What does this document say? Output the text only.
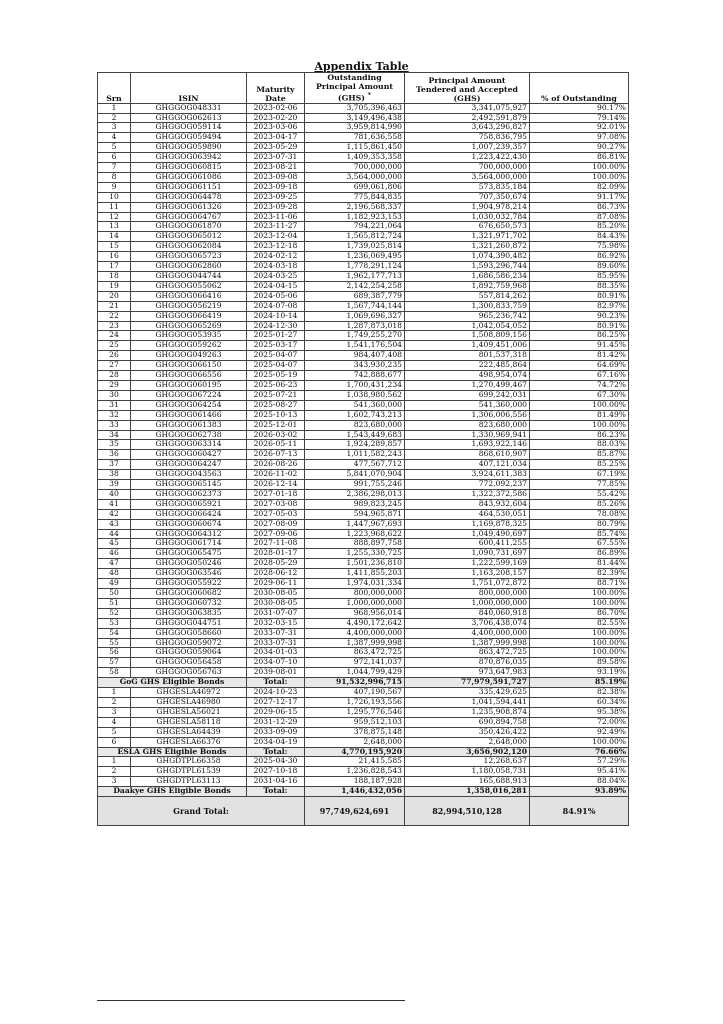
Appendix Table
Srn	ISIN	Maturity Date	Outstanding Principal Amount (GHS) *	Principal Amount Tendered and Accepted (GHS)	% of Outstanding
1	GHGGOG048331	2023-02-06	3,705,396,463	3,341,075,927	90.17%
2	GHGGOG062613	2023-02-20	3,149,496,438	2,492,591,879	79.14%
3	GHGGOG059114	2023-03-06	3,959,814,990	3,643,296,827	92.01%
4	GHGGOG059494	2023-04-17	781,636,558	758,836,795	97.08%
5	GHGGOG059890	2023-05-29	1,115,861,450	1,007,239,357	90.27%
6	GHGGOG063942	2023-07-31	1,409,353,358	1,223,422,430	86.81%
7	GHGGOG060815	2023-08-21	700,000,000	700,000,000	100.00%
8	GHGGOG061086	2023-09-08	3,564,000,000	3,564,000,000	100.00%
9	GHGGOG061151	2023-09-18	699,061,806	573,835,184	82.09%
10	GHGGOG064478	2023-09-25	775,844,835	707,350,674	91.17%
11	GHGGOG061326	2023-09-28	2,196,568,337	1,904,978,214	86.73%
12	GHGGOG064767	2023-11-06	1,182,923,153	1,030,032,784	87.08%
13	GHGGOG061870	2023-11-27	794,221,064	676,650,573	85.20%
14	GHGGOG065012	2023-12-04	1,565,812,724	1,321,971,702	84.43%
15	GHGGOG062084	2023-12-18	1,739,025,814	1,321,260,872	75.98%
16	GHGGOG065723	2024-02-12	1,236,069,495	1,074,390,482	86.92%
17	GHGGOG062860	2024-03-18	1,778,291,124	1,593,296,744	89.60%
18	GHGGOG044744	2024-03-25	1,962,177,713	1,686,586,234	85.95%
19	GHGGOG055062	2024-04-15	2,142,254,258	1,892,759,968	88.35%
20	GHGGOG066416	2024-05-06	689,387,779	557,814,262	80.91%
21	GHGGOG056219	2024-07-08	1,567,744,144	1,300,833,759	82.97%
22	GHGGOG066419	2024-10-14	1,069,696,327	965,236,742	90.23%
23	GHGGOG065269	2024-12-30	1,287,873,018	1,042,054,052	80.91%
24	GHGGOG053935	2025-01-27	1,749,255,270	1,508,809,156	86.25%
25	GHGGOG059262	2025-03-17	1,541,176,504	1,409,451,006	91.45%
26	GHGGOG049263	2025-04-07	984,407,408	801,537,318	81.42%
27	GHGGOG066150	2025-04-07	343,930,235	222,485,864	64.69%
28	GHGGOG066556	2025-05-19	742,888,677	498,954,074	67.16%
29	GHGGOG060195	2025-06-23	1,700,431,234	1,270,499,467	74.72%
30	GHGGOG067224	2025-07-21	1,038,980,562	699,242,031	67.30%
31	GHGGOG064254	2025-08-27	541,360,000	541,360,000	100.00%
32	GHGGOG061466	2025-10-13	1,602,743,213	1,306,006,556	81.49%
33	GHGGOG061383	2025-12-01	823,680,000	823,680,000	100.00%
34	GHGGOG062738	2026-03-02	1,543,449,683	1,330,969,941	86.23%
35	GHGGOG063314	2026-05-11	1,924,289,857	1,693,922,146	88.03%
36	GHGGOG060427	2026-07-13	1,011,582,243	868,610,907	85.87%
37	GHGGOG064247	2026-08-26	477,567,712	407,121,034	85.25%
38	GHGGOG043563	2026-11-02	5,841,070,904	3,924,611,383	67.19%
39	GHGGOG065145	2026-12-14	991,755,246	772,092,237	77.85%
40	GHGGOG062373	2027-01-18	2,386,298,013	1,322,372,586	55.42%
41	GHGGOG065921	2027-03-08	989,823,245	843,932,604	85.26%
42	GHGGOG066424	2027-05-03	594,965,871	464,530,051	78.08%
43	GHGGOG060674	2027-08-09	1,447,967,693	1,169,878,325	80.79%
44	GHGGOG064312	2027-09-06	1,223,968,622	1,049,490,697	85.74%
45	GHGGOG061714	2027-11-08	888,897,758	600,411,255	67.55%
46	GHGGOG065475	2028-01-17	1,255,330,725	1,090,731,697	86.89%
47	GHGGOG050246	2028-05-29	1,501,236,810	1,222,599,169	81.44%
48	GHGGOG063546	2028-06-12	1,411,855,203	1,163,208,157	82.39%
49	GHGGOG055922	2029-06-11	1,974,031,334	1,751,072,872	88.71%
50	GHGGOG060682	2030-08-05	800,000,000	800,000,000	100.00%
51	GHGGOG060732	2030-08-05	1,000,000,000	1,000,000,000	100.00%
52	GHGGOG063835	2031-07-07	968,956,014	840,060,918	86.70%
53	GHGGOG044751	2032-03-15	4,490,172,642	3,706,438,074	82.55%
54	GHGGOG058660	2033-07-31	4,400,000,000	4,400,000,000	100.00%
55	GHGGOG059072	2033-07-31	1,387,999,998	1,387,999,998	100.00%
56	GHGGOG059064	2034-01-03	863,472,725	863,472,725	100.00%
57	GHGGOG056458	2034-07-10	972,141,037	870,876,035	89.58%
58	GHGGOG056763	2039-08-01	1,044,799,429	973,647,983	93.19%
GoG GHS Eligible Bonds		Total:	91,532,996,715	77,979,591,727	85.19%
1	GHGESLA46972	2024-10-23	407,190,567	335,429,625	82.38%
2	GHGESLA46980	2027-12-17	1,726,193,556	1,041,594,441	60.34%
3	GHGESLA56021	2029-06-15	1,295,776,546	1,235,908,874	95.38%
4	GHGESLA58118	2031-12-29	959,512,103	690,894,758	72.00%
5	GHGESLA64439	2033-09-09	378,875,148	350,426,422	92.49%
6	GHGESLA66376	2034-04-19	2,648,000	2,648,000	100.00%
ESLA GHS Eligible Bonds		Total:	4,770,195,920	3,656,902,120	76.66%
1	GHGDTPL66358	2025-04-30	21,415,585	12,268,637	57.29%
2	GHGDTPL61539	2027-10-18	1,236,828,543	1,180,058,731	95.41%
3	GHGDTPL63113	2031-04-16	188,187,928	165,688,913	88.04%
Daakye GHS Eligible Bonds		Total:	1,446,432,056	1,358,016,281	93.89%
Grand Total:			97,749,624,691	82,994,510,128	84.91%
